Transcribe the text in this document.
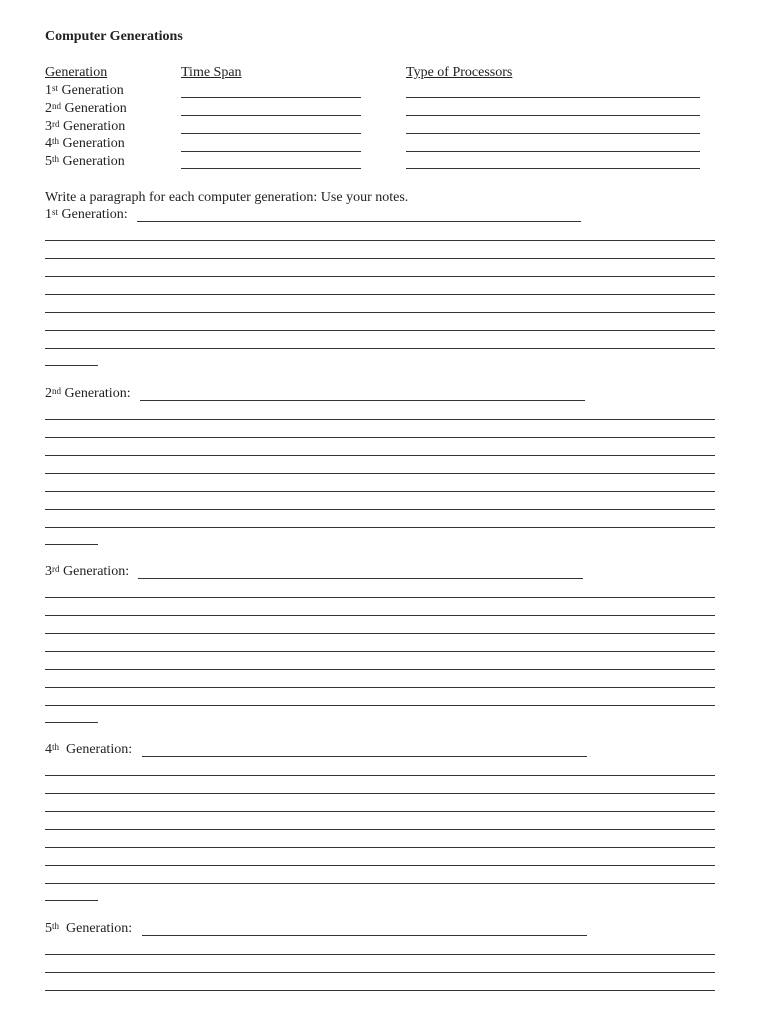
Computer Generations
Generation	Time Span	Type of Processors
Write a paragraph for each computer generation: Use your notes.
1st Generation
2nd Generation
3rd Generation
4th Generation
5th Generation
1st Generation:
2nd Generation:
3rd Generation:
4th  Generation:
5th  Generation:
